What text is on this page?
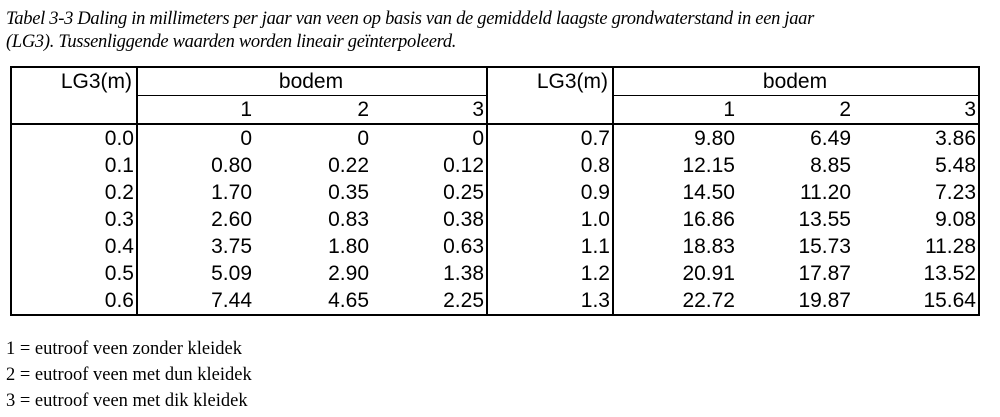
Tabel 3-3 Daling in millimeters per jaar van veen op basis van de gemiddeld laagste grondwaterstand in een jaar
(LG3). Tussenliggende waarden worden lineair geïnterpoleerd.
LG3(m)	bodem			LG3(m)	bodem		
	1	2	3		1	2	3
0.0	0	0	0	0.7	9.80	6.49	3.86
0.1	0.80	0.22	0.12	0.8	12.15	8.85	5.48
0.2	1.70	0.35	0.25	0.9	14.50	11.20	7.23
0.3	2.60	0.83	0.38	1.0	16.86	13.55	9.08
0.4	3.75	1.80	0.63	1.1	18.83	15.73	11.28
0.5	5.09	2.90	1.38	1.2	20.91	17.87	13.52
0.6	7.44	4.65	2.25	1.3	22.72	19.87	15.64
1 = eutroof veen zonder kleidek
2 = eutroof veen met dun kleidek
3 = eutroof veen met dik kleidek
